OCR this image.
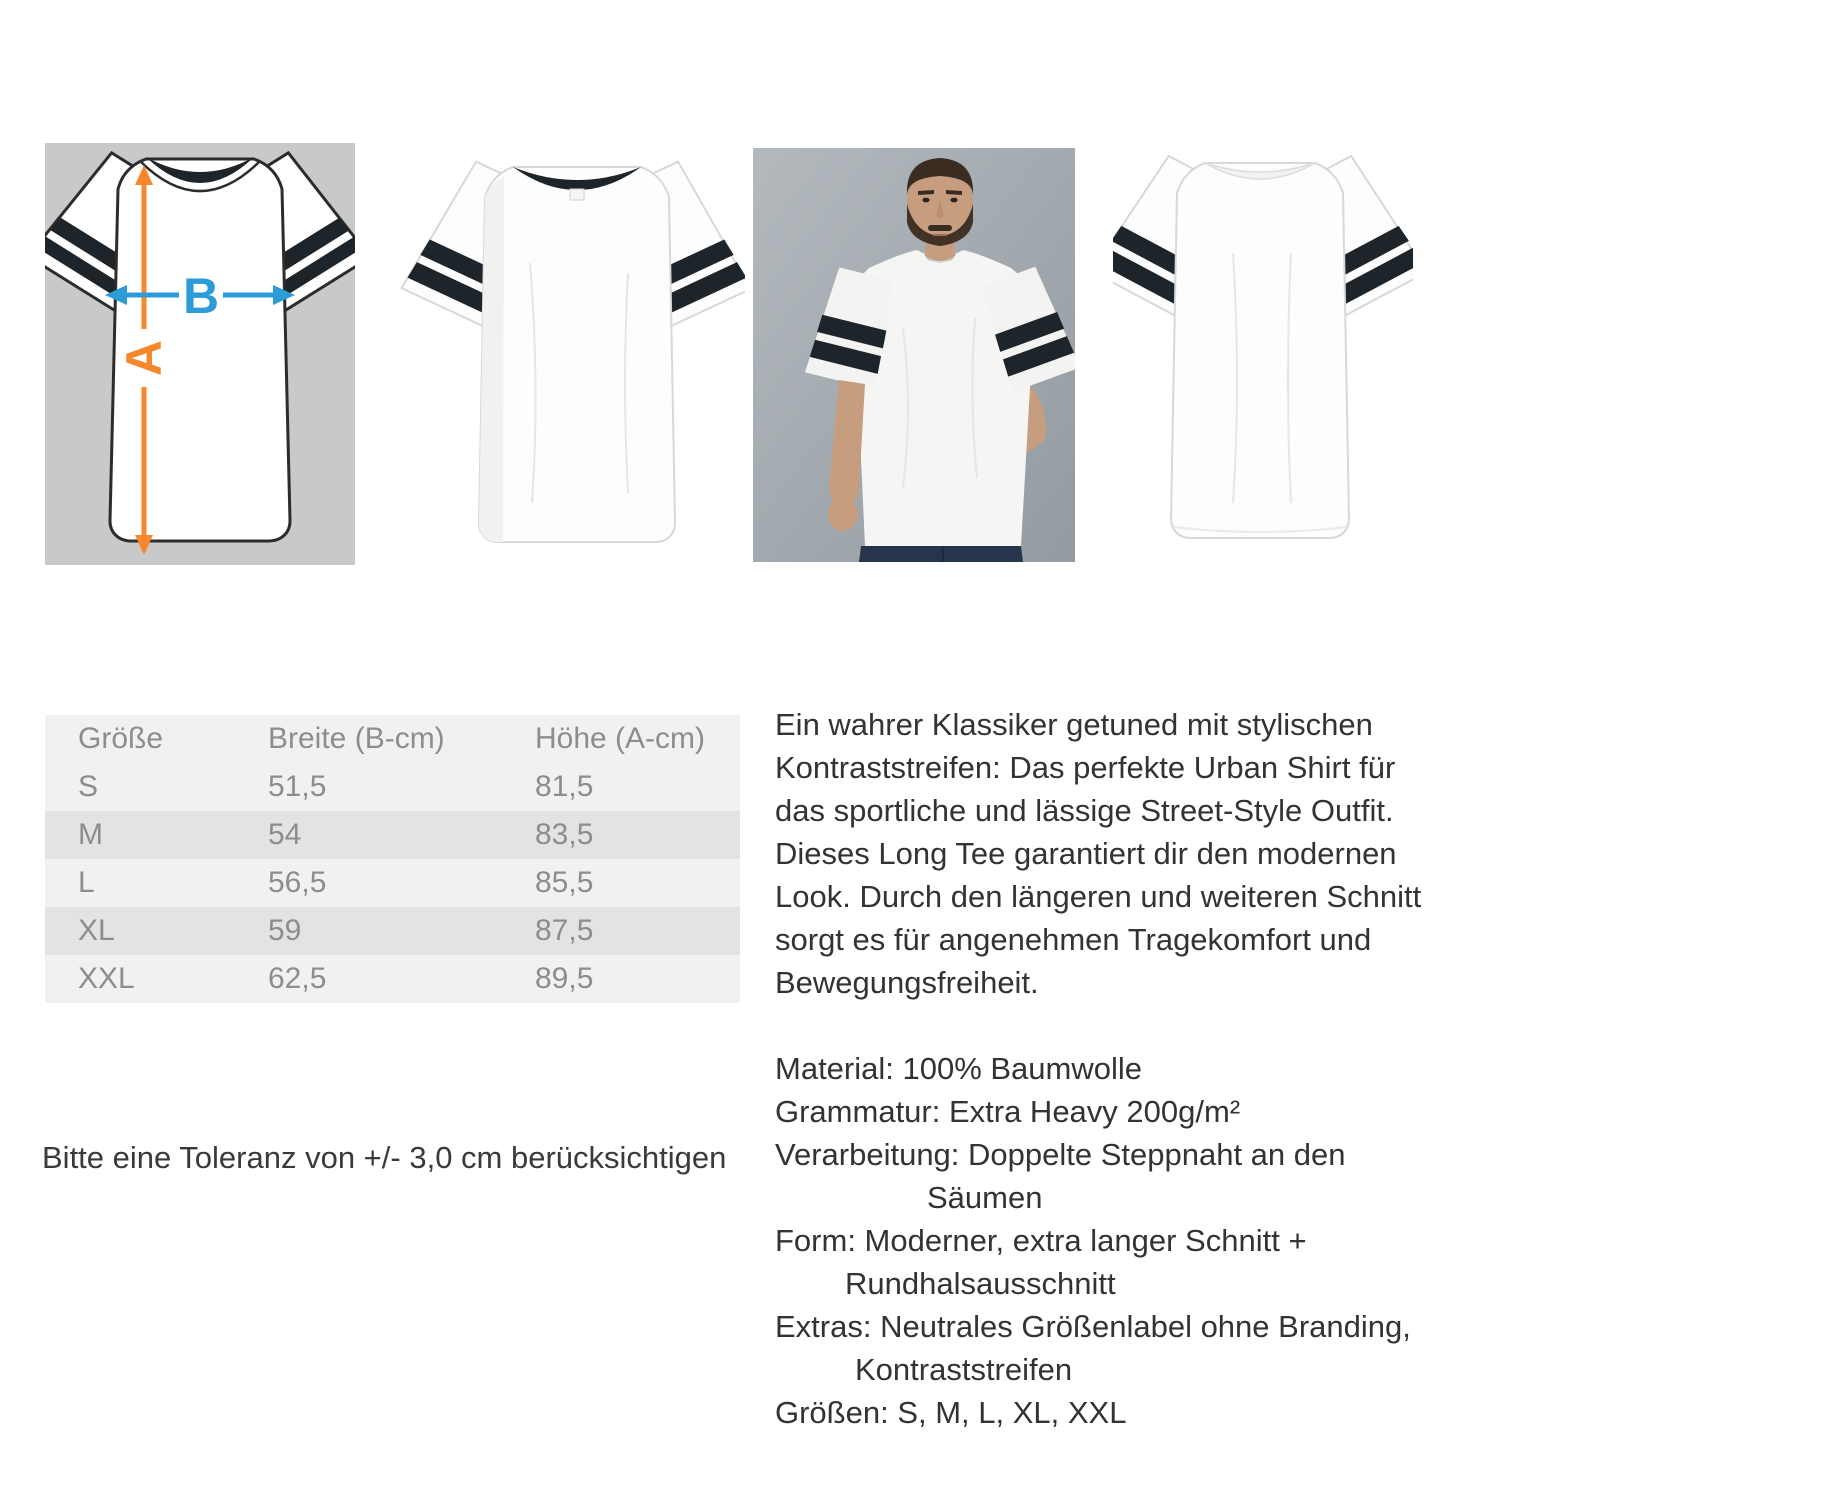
A
B
Größe	Breite (B-cm)	Höhe (A-cm)
S	51,5	81,5
M	54	83,5
L	56,5	85,5
XL	59	87,5
XXL	62,5	89,5
Bitte eine Toleranz von +/- 3,0 cm berücksichtigen
Ein wahrer Klassiker getuned mit stylischen
Kontraststreifen: Das perfekte Urban Shirt für
das sportliche und lässige Street-Style Outfit.
Dieses Long Tee garantiert dir den modernen
Look. Durch den längeren und weiteren Schnitt
sorgt es für angenehmen Tragekomfort und
Bewegungsfreiheit.
Material: 100% Baumwolle
Grammatur: Extra Heavy 200g/m²
Verarbeitung: Doppelte Steppnaht an den
Säumen
Form: Moderner, extra langer Schnitt +
Rundhalsausschnitt
Extras: Neutrales Größenlabel ohne Branding,
Kontraststreifen
Größen: S, M, L, XL, XXL
